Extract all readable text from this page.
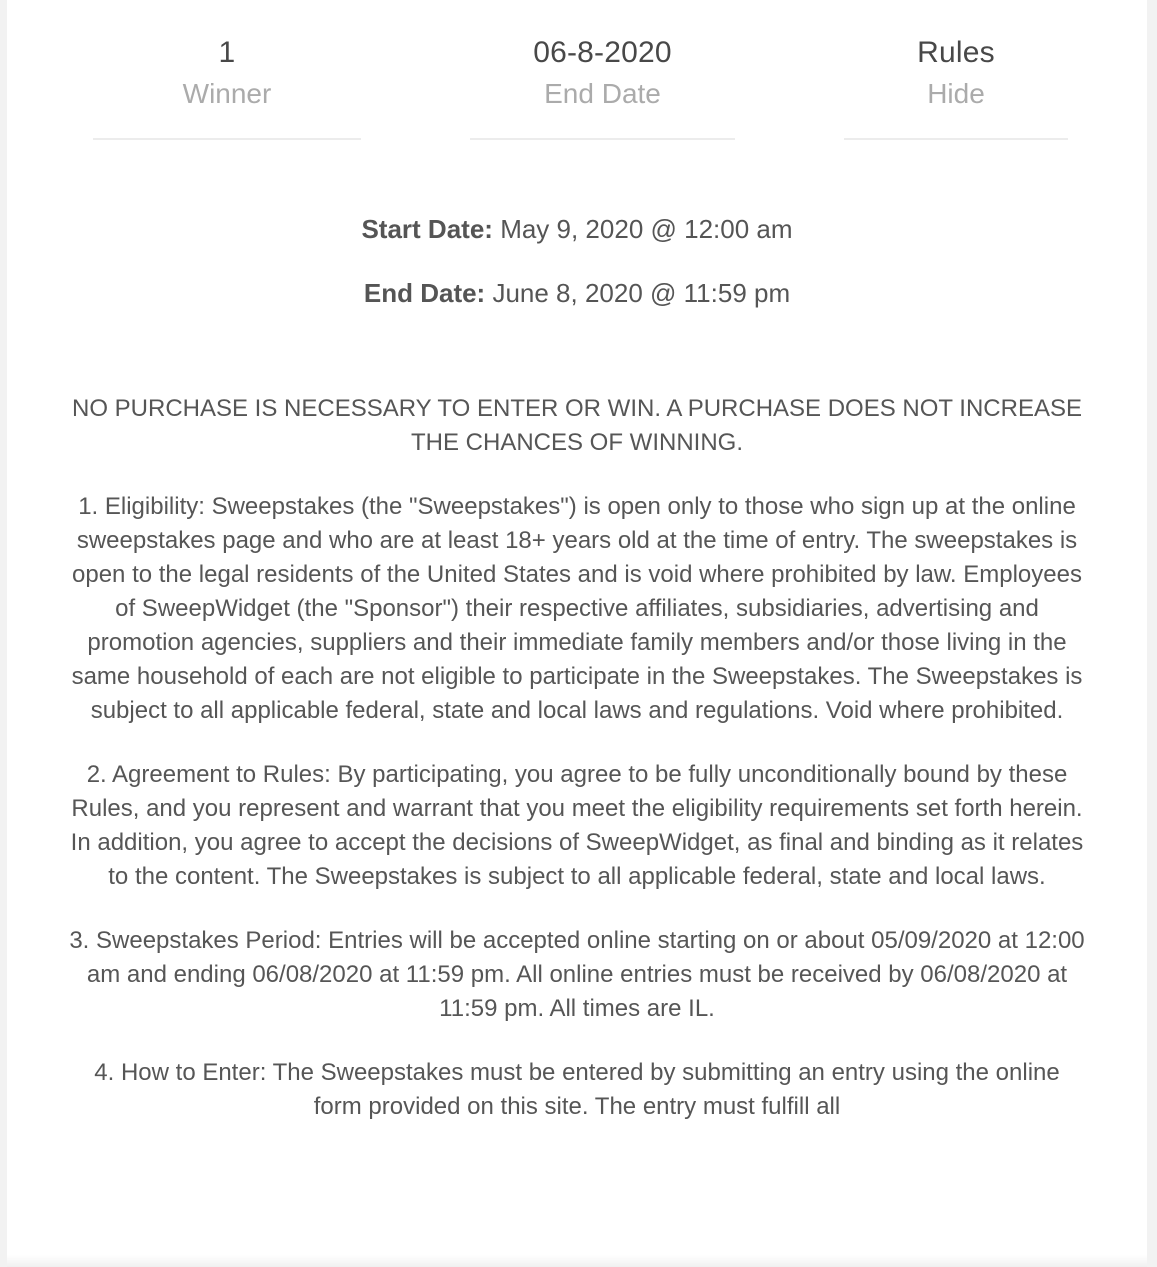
1
Winner
06-8-2020
End Date
Rules
Hide

Start Date: May 9, 2020 @ 12:00 am

End Date: June 8, 2020 @ 11:59 pm

NO PURCHASE IS NECESSARY TO ENTER OR WIN. A PURCHASE DOES NOT INCREASE THE CHANCES OF WINNING.

1. Eligibility: Sweepstakes (the "Sweepstakes") is open only to those who sign up at the online sweepstakes page and who are at least 18+ years old at the time of entry. The sweepstakes is open to the legal residents of the United States and is void where prohibited by law. Employees of SweepWidget (the "Sponsor") their respective affiliates, subsidiaries, advertising and promotion agencies, suppliers and their immediate family members and/or those living in the same household of each are not eligible to participate in the Sweepstakes. The Sweepstakes is subject to all applicable federal, state and local laws and regulations. Void where prohibited.

2. Agreement to Rules: By participating, you agree to be fully unconditionally bound by these Rules, and you represent and warrant that you meet the eligibility requirements set forth herein. In addition, you agree to accept the decisions of SweepWidget, as final and binding as it relates to the content. The Sweepstakes is subject to all applicable federal, state and local laws.

3. Sweepstakes Period: Entries will be accepted online starting on or about 05/09/2020 at 12:00 am and ending 06/08/2020 at 11:59 pm. All online entries must be received by 06/08/2020 at 11:59 pm. All times are IL.

4. How to Enter: The Sweepstakes must be entered by submitting an entry using the online form provided on this site. The entry must fulfill all
